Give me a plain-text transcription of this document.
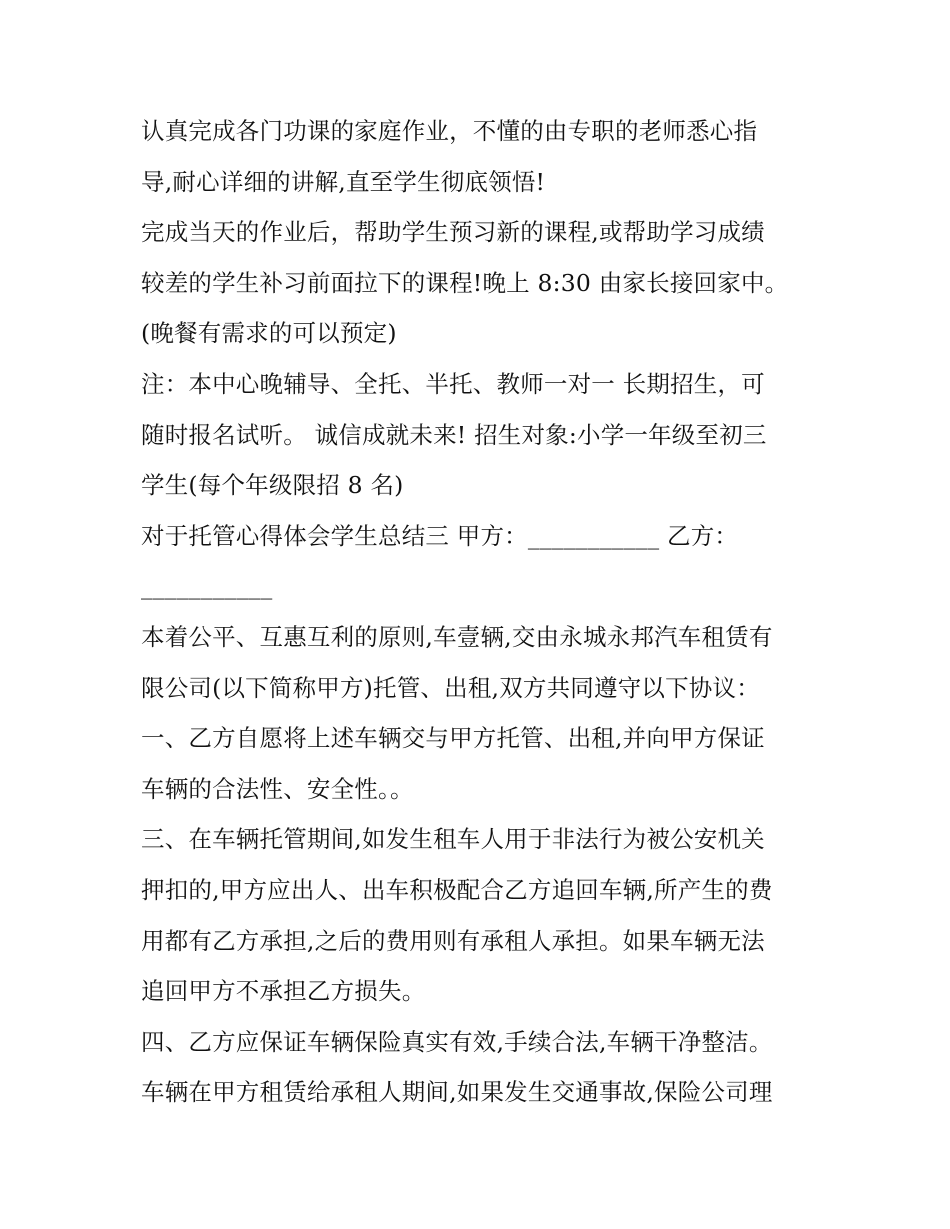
认真完成各门功课的家庭作业，不懂的由专职的老师悉心指
导,耐心详细的讲解,直至学生彻底领悟!
完成当天的作业后，帮助学生预习新的课程,或帮助学习成绩
较差的学生补习前面拉下的课程!晚上 8:30 由家长接回家中。
(晚餐有需求的可以预定)
注：本中心晚辅导、全托、半托、教师一对一 长期招生，可
随时报名试听。 诚信成就未来! 招生对象:小学一年级至初三
学生(每个年级限招 8 名)
对于托管心得体会学生总结三 甲方：___________ 乙方：
___________
本着公平、互惠互利的原则,车壹辆,交由永城永邦汽车租赁有
限公司(以下简称甲方)托管、出租,双方共同遵守以下协议：
一、乙方自愿将上述车辆交与甲方托管、出租,并向甲方保证
车辆的合法性、安全性。。
三、在车辆托管期间,如发生租车人用于非法行为被公安机关
押扣的,甲方应出人、出车积极配合乙方追回车辆,所产生的费
用都有乙方承担,之后的费用则有承租人承担。如果车辆无法
追回甲方不承担乙方损失。
四、乙方应保证车辆保险真实有效,手续合法,车辆干净整洁。
车辆在甲方租赁给承租人期间,如果发生交通事故,保险公司理
